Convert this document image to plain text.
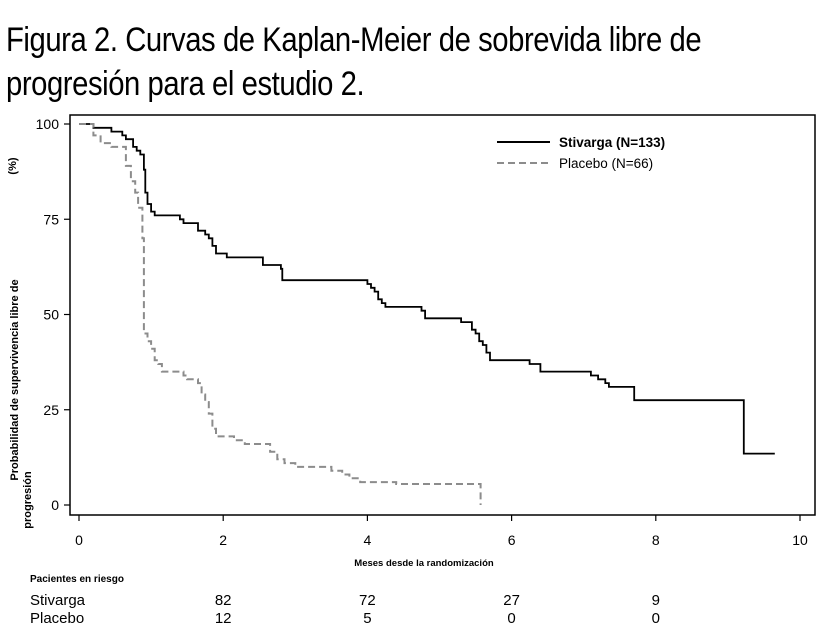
Figura 2. Curvas de Kaplan-Meier de sobrevida libre de
progresión para el estudio 2.
Probabilidad de supervivencia libre de
progresión
(%)
0	2	4	6	8	10
0
25
50
75
100
Stivarga (N=133)
Placebo (N=66)
Meses desde la randomización
Pacientes en riesgo
Stivarga	82	72	27	9
Placebo	12	5	0	0
